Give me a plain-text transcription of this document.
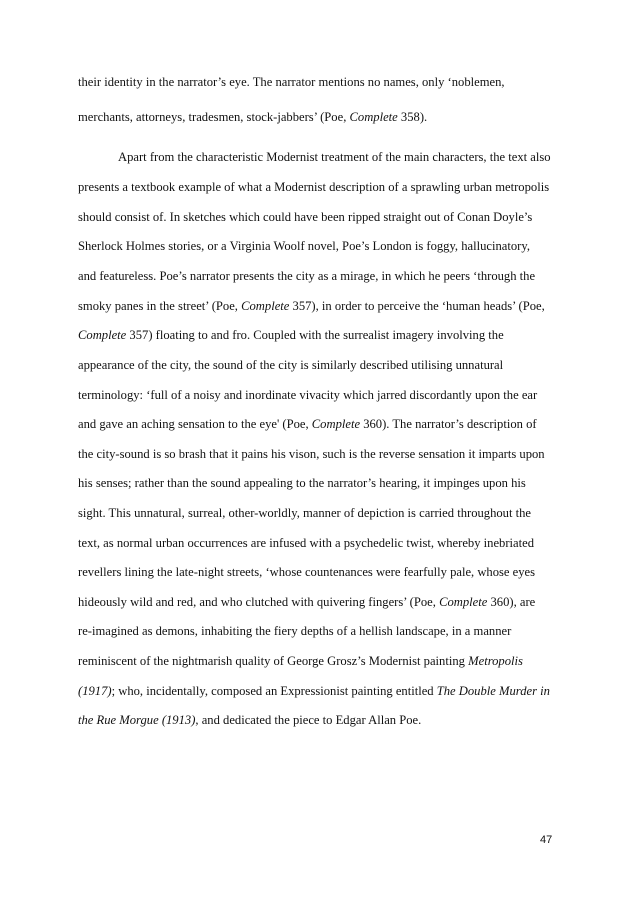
their identity in the narrator’s eye. The narrator mentions no names, only ‘noblemen,
merchants, attorneys, tradesmen, stock-jabbers’ (Poe, Complete 358).
Apart from the characteristic Modernist treatment of the main characters, the text also
presents a textbook example of what a Modernist description of a sprawling urban metropolis
should consist of. In sketches which could have been ripped straight out of Conan Doyle’s
Sherlock Holmes stories, or a Virginia Woolf novel, Poe’s London is foggy, hallucinatory,
and featureless. Poe’s narrator presents the city as a mirage, in which he peers ‘through the
smoky panes in the street’ (Poe, Complete 357), in order to perceive the ‘human heads’ (Poe,
Complete 357) floating to and fro. Coupled with the surrealist imagery involving the
appearance of the city, the sound of the city is similarly described utilising unnatural
terminology: ‘full of a noisy and inordinate vivacity which jarred discordantly upon the ear
and gave an aching sensation to the eye' (Poe, Complete 360). The narrator’s description of
the city-sound is so brash that it pains his vison, such is the reverse sensation it imparts upon
his senses; rather than the sound appealing to the narrator’s hearing, it impinges upon his
sight. This unnatural, surreal, other-worldly, manner of depiction is carried throughout the
text, as normal urban occurrences are infused with a psychedelic twist, whereby inebriated
revellers lining the late-night streets, ‘whose countenances were fearfully pale, whose eyes
hideously wild and red, and who clutched with quivering fingers’ (Poe, Complete 360), are
re-imagined as demons, inhabiting the fiery depths of a hellish landscape, in a manner
reminiscent of the nightmarish quality of George Grosz’s Modernist painting Metropolis
(1917); who, incidentally, composed an Expressionist painting entitled The Double Murder in
the Rue Morgue (1913), and dedicated the piece to Edgar Allan Poe.
47
